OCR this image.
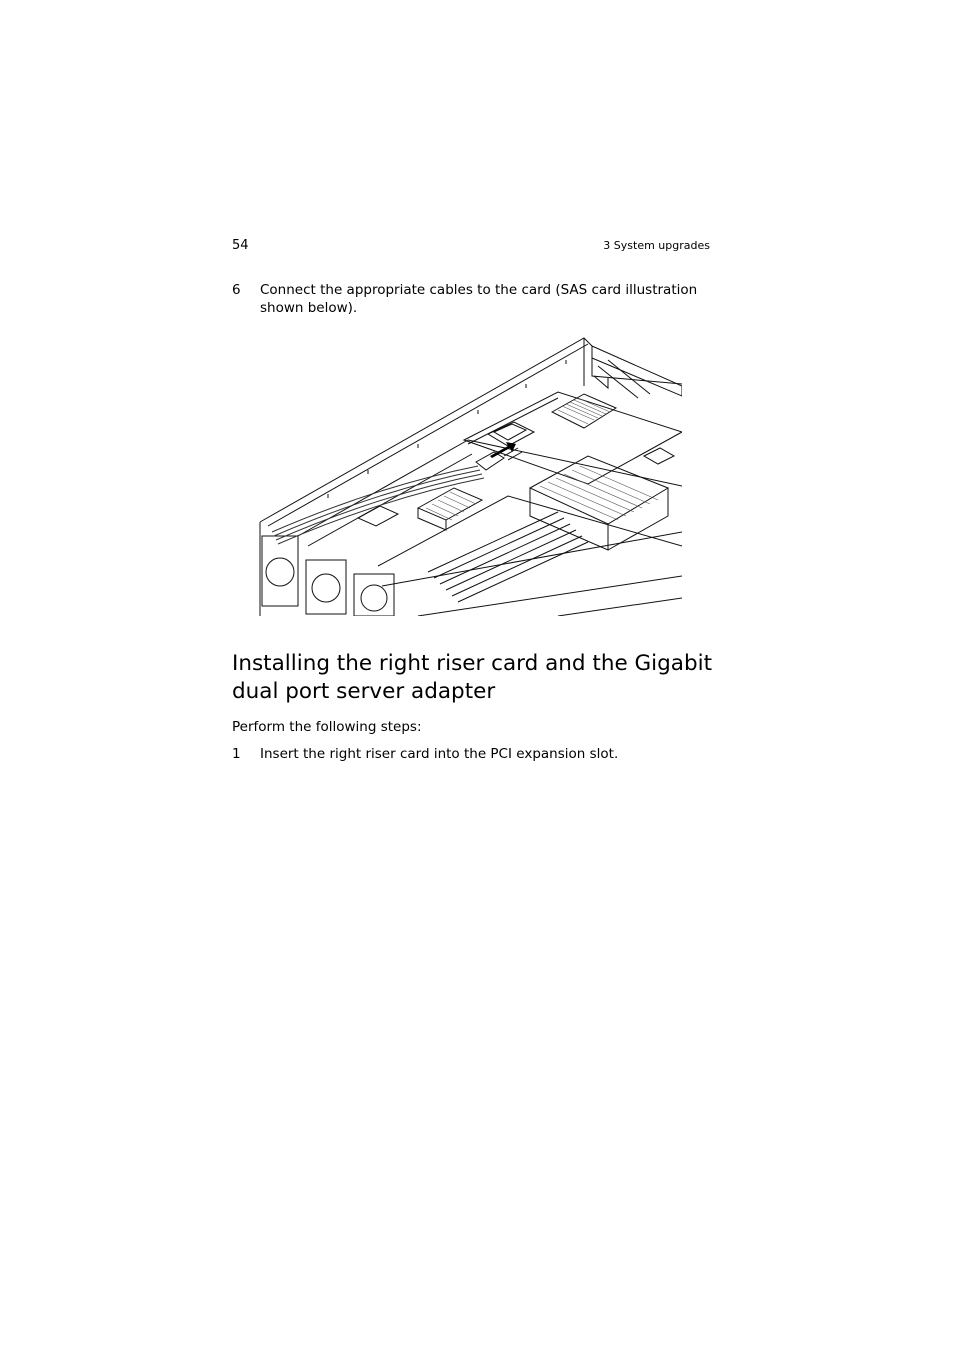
54	3 System upgrades
6 Connect the appropriate cables to the card (SAS card illustration shown below).
Installing the right riser card and the Gigabit dual port server adapter
Perform the following steps:
1 Insert the right riser card into the PCI expansion slot.
